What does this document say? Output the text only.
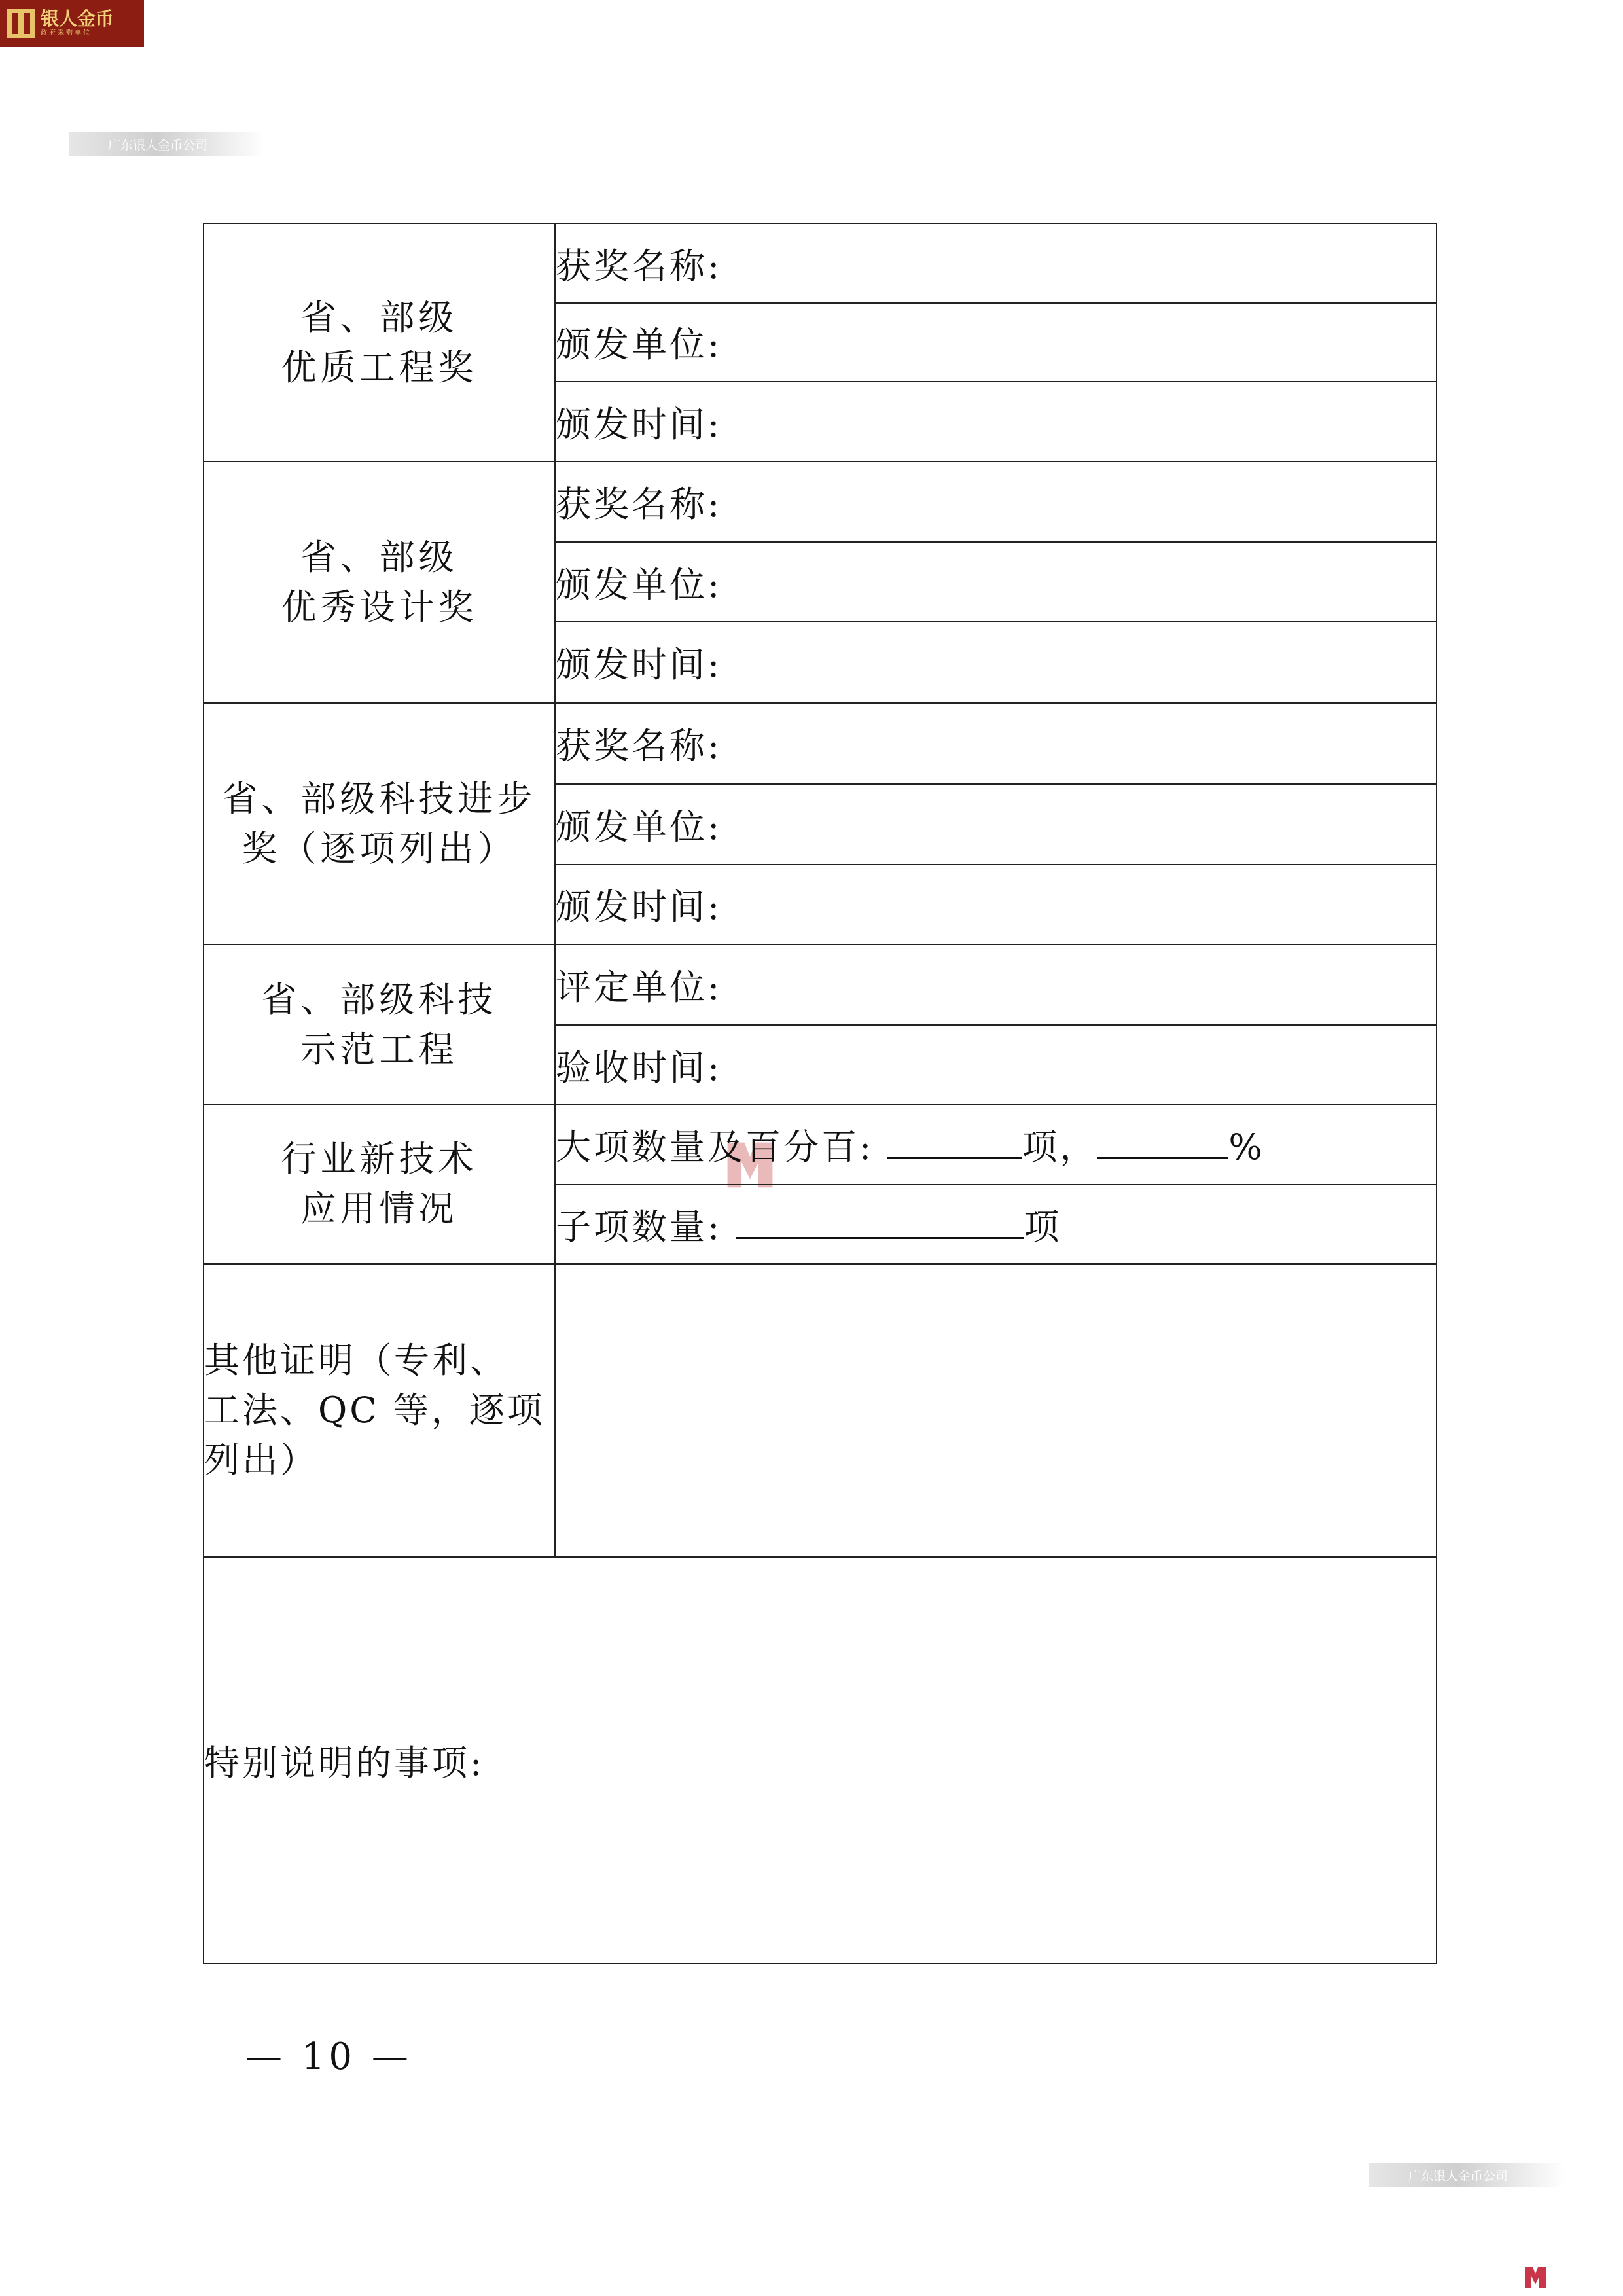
银人金币
政府采购单位
广东银人金币公司
省、部级
优质工程奖	获奖名称:
	颁发单位:
	颁发时间:

省、部级
优秀设计奖	获奖名称:
	颁发单位:
	颁发时间:

省、部级科技进步
奖（逐项列出）	获奖名称:
	颁发单位:
	颁发时间:

省、部级科技
示范工程	评定单位:
	验收时间:

行业新技术
应用情况	大项数量及百分百: 项， %
	子项数量: 项

其他证明（专利、
工法、QC 等，逐项
列出）	

特别说明的事项:	
— 10 —
广东银人金币公司
